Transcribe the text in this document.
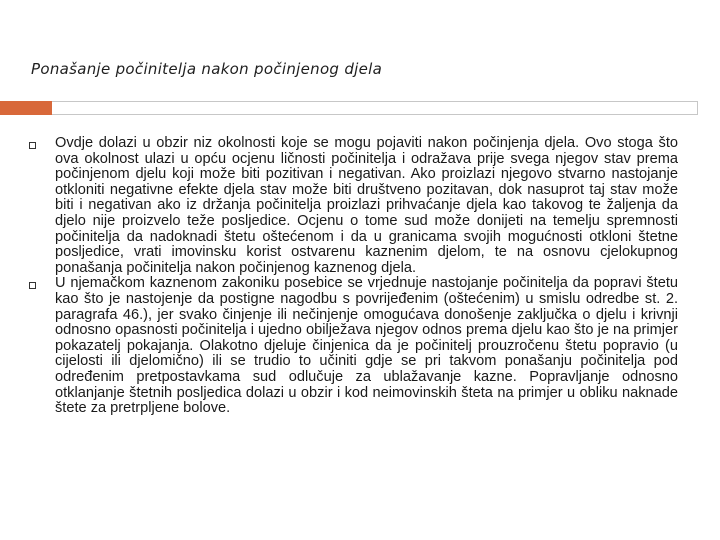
Ponašanje počinitelja nakon počinjenog djela
Ovdje dolazi u obzir niz okolnosti koje se mogu pojaviti nakon počinjenja djela. Ovo stoga što ova okolnost ulazi u opću ocjenu ličnosti počinitelja i odražava prije svega njegov stav prema počinjenom djelu koji može biti pozitivan i negativan. Ako proizlazi njegovo stvarno nastojanje otkloniti negativne efekte djela stav može biti društveno pozitavan, dok nasuprot taj stav može biti i negativan ako iz držanja počinitelja proizlazi prihvaćanje djela kao takovog te žaljenja da djelo nije proizvelo teže posljedice. Ocjenu o tome sud može donijeti na temelju spremnosti počinitelja da nadoknadi štetu oštećenom i da u granicama svojih mogućnosti otkloni štetne posljedice, vrati imovinsku korist ostvarenu kaznenim djelom, te na osnovu cjelokupnog ponašanja počinitelja nakon počinjenog kaznenog djela.
U njemačkom kaznenom zakoniku posebice se vrjednuje nastojanje počinitelja da popravi štetu kao što je nastojenje da postigne nagodbu s povrijeđenim (oštećenim) u smislu odredbe st. 2. paragrafa 46.), jer svako činjenje ili nečinjenje omogućava donošenje zaključka o djelu i krivnji odnosno opasnosti počinitelja i ujedno obilježava njegov odnos prema djelu kao što je na primjer pokazatelj pokajanja. Olakotno djeluje činjenica da je počinitelj prouzročenu štetu popravio (u cijelosti ili djelomično) ili se trudio to učiniti gdje se pri takvom ponašanju počinitelja pod određenim pretpostavkama sud odlučuje za ublažavanje kazne. Popravljanje odnosno otklanjanje štetnih posljedica dolazi u obzir i kod neimovinskih šteta na primjer u obliku naknade štete za pretrpljene bolove.
